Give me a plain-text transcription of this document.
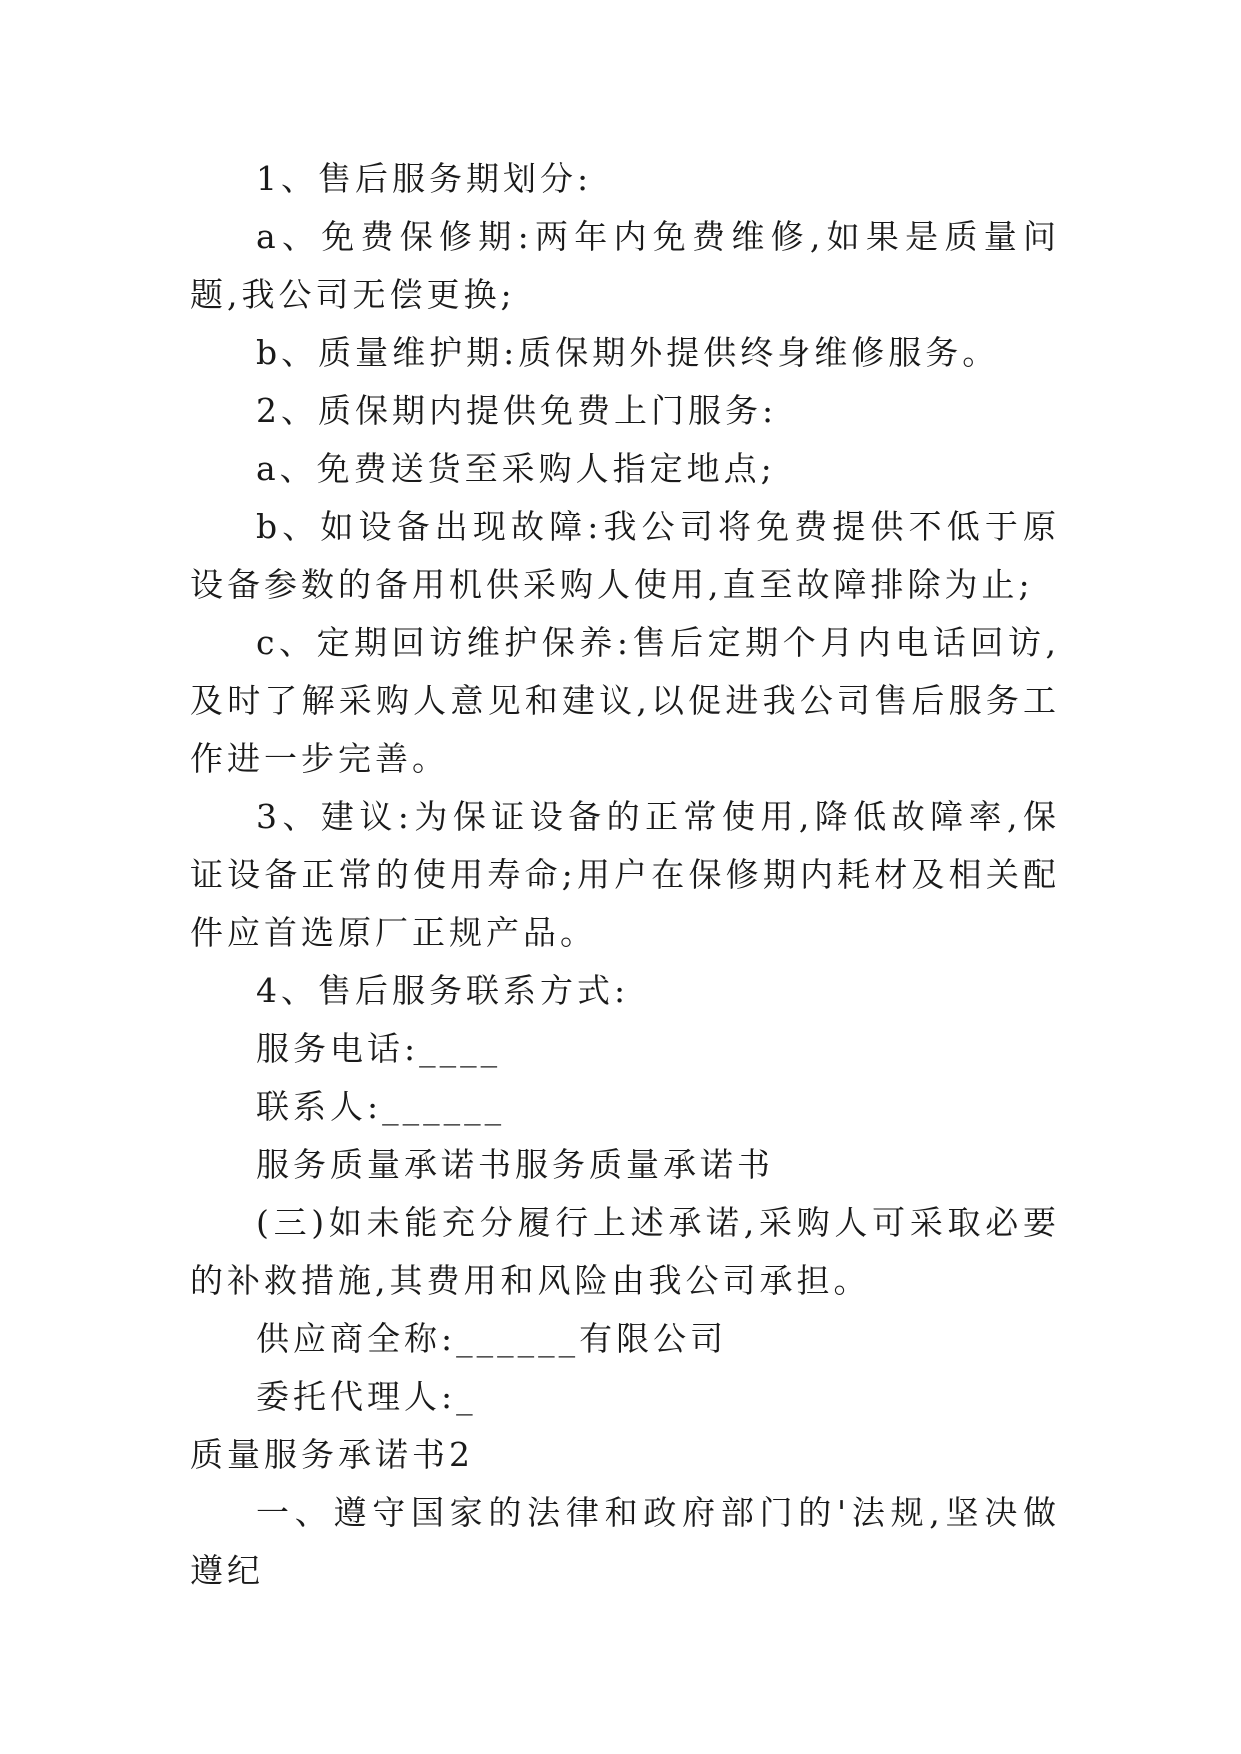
1、售后服务期划分:

a、免费保修期:两年内免费维修,如果是质量问题,我公司无偿更换;

b、质量维护期:质保期外提供终身维修服务。

2、质保期内提供免费上门服务:

a、免费送货至采购人指定地点;

b、如设备出现故障:我公司将免费提供不低于原设备参数的备用机供采购人使用,直至故障排除为止;

c、定期回访维护保养:售后定期个月内电话回访,及时了解采购人意见和建议,以促进我公司售后服务工作进一步完善。

3、建议:为保证设备的正常使用,降低故障率,保证设备正常的使用寿命;用户在保修期内耗材及相关配件应首选原厂正规产品。

4、售后服务联系方式:

服务电话:____

联系人:______

服务质量承诺书服务质量承诺书

(三)如未能充分履行上述承诺,采购人可采取必要的补救措施,其费用和风险由我公司承担。

供应商全称:______有限公司

委托代理人:_

质量服务承诺书2

一、遵守国家的法律和政府部门的'法规,坚决做遵纪
